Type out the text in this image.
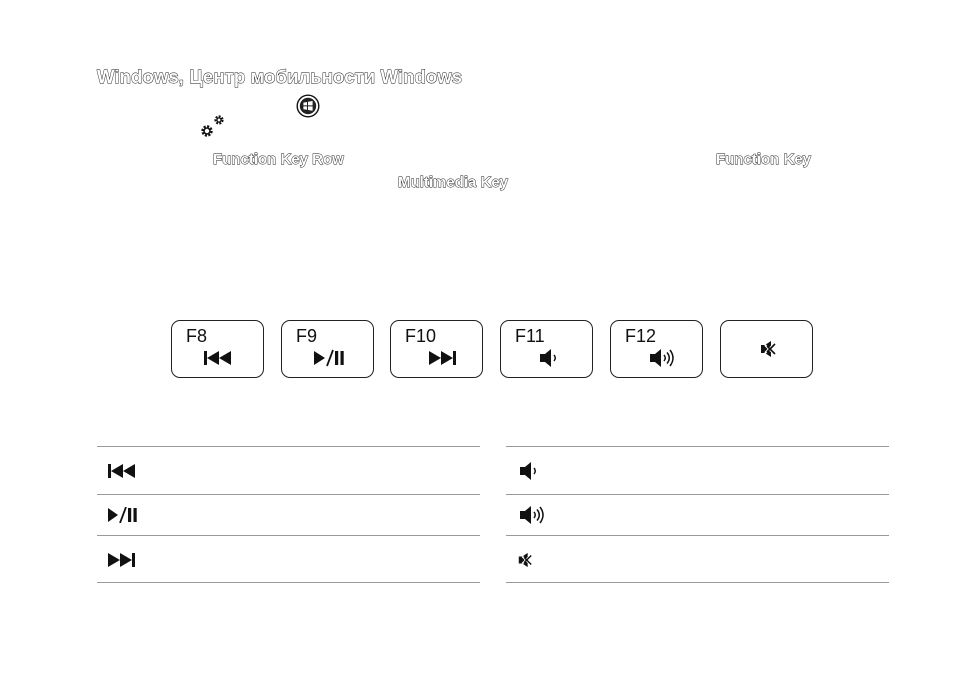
Windows, Центр мобильности Windows
Function Key Row	Function Key
Multimedia Key
F8	F9	F10	F11	F12
